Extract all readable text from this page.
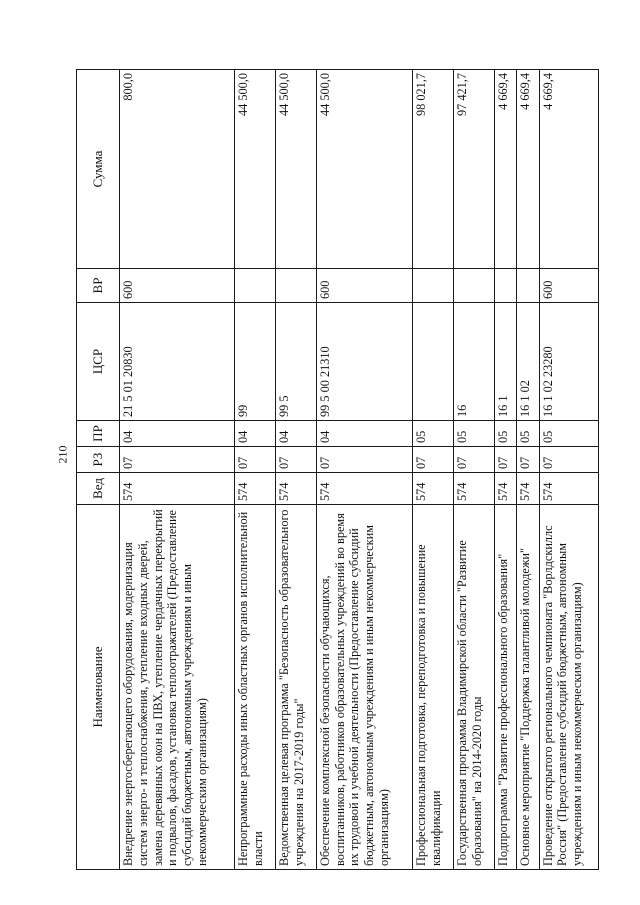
210
Наименование	Вед	РЗ	ПР	ЦСР	ВР	Сумма
Внедрение энергосберегающего оборудования, модернизация систем энерго- и теплоснабжения, утепление входных дверей, замена деревянных окон на ПВХ, утепление чердачных перекрытий и подвалов, фасадов, установка теплоотражателей (Предоставление субсидий бюджетным, автономным учреждениям и иным некоммерческим организациям)	574	07	04	21 5 01 20830	600	800,0
Непрограммные расходы иных областных органов исполнительной власти	574	07	04	99		44 500,0
Ведомственная целевая программа "Безопасность образовательного учреждения на 2017-2019 годы"	574	07	04	99 5		44 500,0
Обеспечение комплексной безопасности обучающихся, воспитанников, работников образовательных учреждений во время их трудовой и учебной деятельности (Предоставление субсидий бюджетным, автономным учреждениям и иным некоммерческим организациям)	574	07	04	99 5 00 21310	600	44 500,0
Профессиональная подготовка, переподготовка и повышение квалификации	574	07	05			98 021,7
Государственная программа Владимирской области "Развитие образования" на 2014-2020 годы	574	07	05	16		97 421,7
Подпрограмма "Развитие профессионального образования"	574	07	05	16 1		4 669,4
Основное мероприятие "Поддержка талантливой молодежи"	574	07	05	16 1 02		4 669,4
Проведение открытого регионального чемпионата "Ворлдскиллс Россия" (Предоставление субсидий бюджетным, автономным учреждениям и иным некоммерческим организациям)	574	07	05	16 1 02 23280	600	4 669,4
